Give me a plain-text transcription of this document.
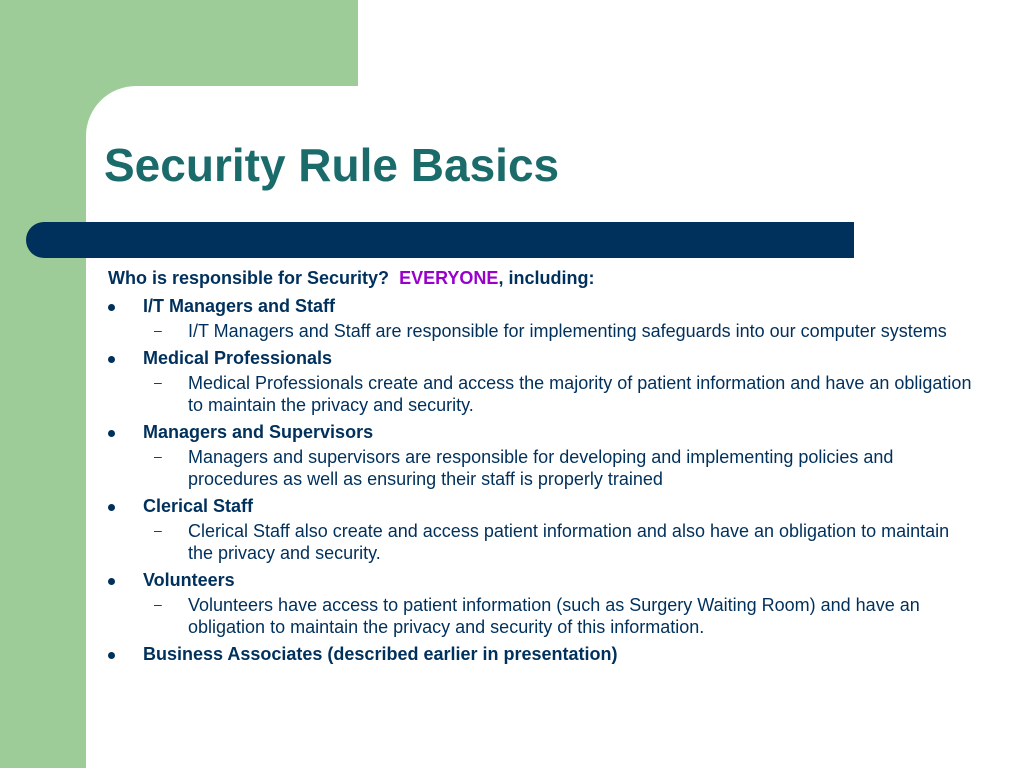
Security Rule Basics

Who is responsible for Security? EVERYONE, including:

I/T Managers and Staff
– I/T Managers and Staff are responsible for implementing safeguards into our computer systems
Medical Professionals
– Medical Professionals create and access the majority of patient information and have an obligation to maintain the privacy and security.
Managers and Supervisors
– Managers and supervisors are responsible for developing and implementing policies and procedures as well as ensuring their staff is properly trained
Clerical Staff
– Clerical Staff also create and access patient information and also have an obligation to maintain the privacy and security.
Volunteers
– Volunteers have access to patient information (such as Surgery Waiting Room) and have an obligation to maintain the privacy and security of this information.
Business Associates (described earlier in presentation)
